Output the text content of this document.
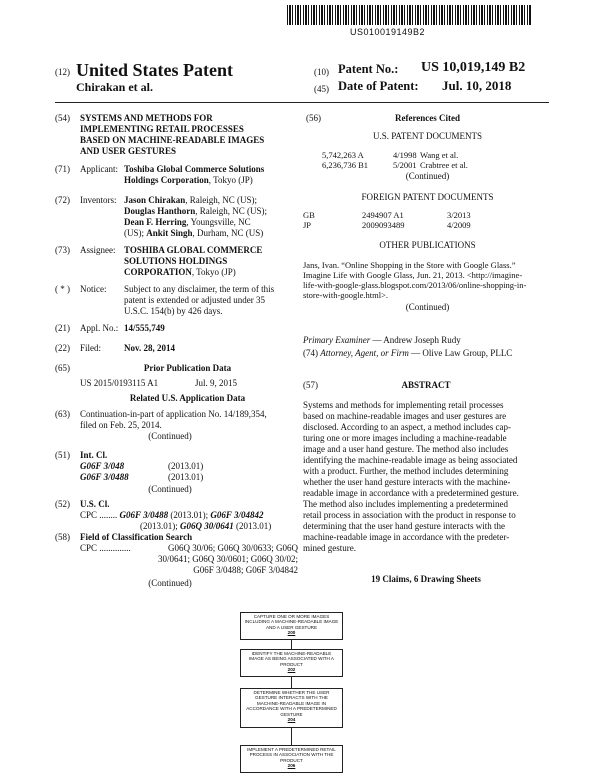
US010019149B2
(12) United States Patent
Chirakan et al.
(10) Patent No.: US 10,019,149 B2
(45) Date of Patent: Jul. 10, 2018
(54) SYSTEMS AND METHODS FOR
IMPLEMENTING RETAIL PROCESSES
BASED ON MACHINE-READABLE IMAGES
AND USER GESTURES
(71) Applicant: Toshiba Global Commerce Solutions
Holdings Corporation, Tokyo (JP)
(72) Inventors: Jason Chirakan, Raleigh, NC (US);
Douglas Hanthorn, Raleigh, NC (US);
Dean F. Herring, Youngsville, NC
(US); Ankit Singh, Durham, NC (US)
(73) Assignee: TOSHIBA GLOBAL COMMERCE
SOLUTIONS HOLDINGS
CORPORATION, Tokyo (JP)
( * ) Notice: Subject to any disclaimer, the term of this
patent is extended or adjusted under 35
U.S.C. 154(b) by 426 days.
(21) Appl. No.: 14/555,749
(22) Filed:	Nov. 28, 2014
(65)	Prior Publication Data
US 2015/0193115 A1	Jul. 9, 2015
Related U.S. Application Data
(63) Continuation-in-part of application No. 14/189,354,
filed on Feb. 25, 2014.
(Continued)
(51) Int. Cl.
G06F 3/048	(2013.01)
G06F 3/0488	(2013.01)
(Continued)
(52) U.S. Cl.
CPC ........ G06F 3/0488 (2013.01); G06F 3/04842
(2013.01); G06Q 30/0641 (2013.01)
(58) Field of Classification Search
CPC ..............	G06Q 30/06; G06Q 30/0633; G06Q
30/0641; G06Q 30/0601; G06Q 30/02;
G06F 3/0488; G06F 3/04842
(Continued)
(56)	References Cited
U.S. PATENT DOCUMENTS
5,742,263 A	4/1998 Wang et al.
6,236,736 B1	5/2001 Crabtree et al.
(Continued)
FOREIGN PATENT DOCUMENTS
GB	2494907 A1	3/2013
JP	2009093489	4/2009
OTHER PUBLICATIONS
Jans, Ivan. “Online Shopping in the Store with Google Glass.”
Imagine Life with Google Glass, Jun. 21, 2013. <http://imagine-
life-with-google-glass.blogspot.com/2013/06/online-shopping-in-
store-with-google.html>.
(Continued)
Primary Examiner — Andrew Joseph Rudy
(74) Attorney, Agent, or Firm — Olive Law Group, PLLC
(57)	ABSTRACT
Systems and methods for implementing retail processes
based on machine-readable images and user gestures are
disclosed. According to an aspect, a method includes cap-
turing one or more images including a machine-readable
image and a user hand gesture. The method also includes
identifying the machine-readable image as being associated
with a product. Further, the method includes determining
whether the user hand gesture interacts with the machine-
readable image in accordance with a predetermined gesture.
The method also includes implementing a predetermined
retail process in association with the product in response to
determining that the user hand gesture interacts with the
machine-readable image in accordance with the predeter-
mined gesture.
19 Claims, 6 Drawing Sheets
CAPTURE ONE OR MORE IMAGES
INCLUDING A MACHINE-READABLE IMAGE
AND A USER GESTURE
200
IDENTIFY THE MACHINE-READABLE
IMAGE AS BEING ASSOCIATED WITH A
PRODUCT
202
DETERMINE WHETHER THE USER
GESTURE INTERACTS WITH THE
MACHINE-READABLE IMAGE IN
ACCORDANCE WITH A PREDETERMINED
GESTURE
204
IMPLEMENT A PREDETERMINED RETAIL
PROCESS IN ASSOCIATION WITH THE
PRODUCT
206
